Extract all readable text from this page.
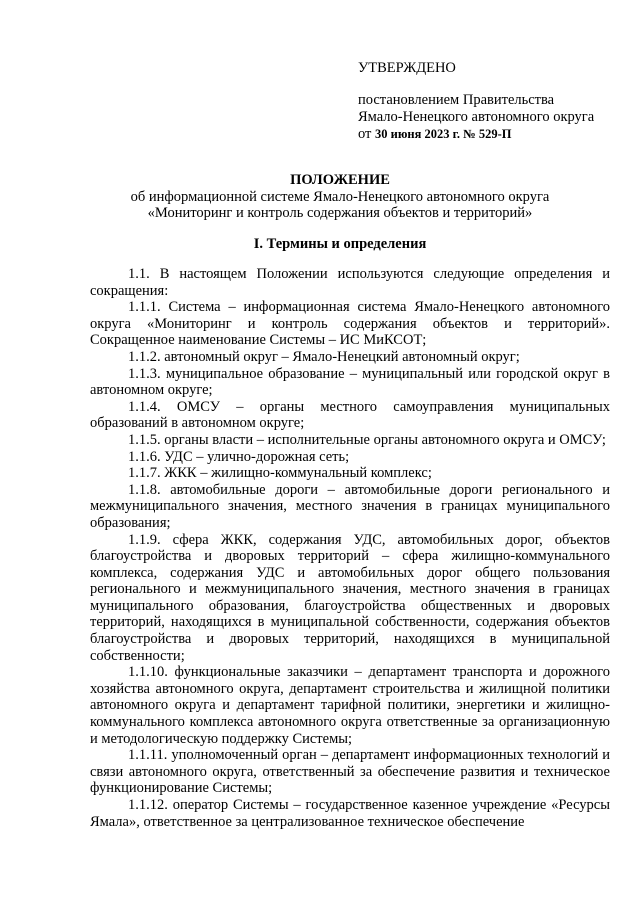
УТВЕРЖДЕНО
постановлением Правительства
Ямало-Ненецкого автономного округа
от 30 июня 2023 г. № 529-П
ПОЛОЖЕНИЕ
об информационной системе Ямало-Ненецкого автономного округа
«Мониторинг и контроль содержания объектов и территорий»
I. Термины и определения

1.1. В настоящем Положении используются следующие определения и сокращения:

1.1.1. Система – информационная система Ямало-Ненецкого автономного округа «Мониторинг и контроль содержания объектов и территорий». Сокращенное наименование Системы – ИС МиКСОТ;

1.1.2. автономный округ – Ямало-Ненецкий автономный округ;

1.1.3. муниципальное образование – муниципальный или городской округ в автономном округе;

1.1.4. ОМСУ – органы местного самоуправления муниципальных образований в автономном округе;

1.1.5. органы власти – исполнительные органы автономного округа и ОМСУ;

1.1.6. УДС – улично-дорожная сеть;

1.1.7. ЖКК – жилищно-коммунальный комплекс;

1.1.8. автомобильные дороги – автомобильные дороги регионального и межмуниципального значения, местного значения в границах муниципального образования;

1.1.9. сфера ЖКК, содержания УДС, автомобильных дорог, объектов благоустройства и дворовых территорий – сфера жилищно-коммунального комплекса, содержания УДС и автомобильных дорог общего пользования регионального и межмуниципального значения, местного значения в границах муниципального образования, благоустройства общественных и дворовых территорий, находящихся в муниципальной собственности, содержания объектов благоустройства и дворовых территорий, находящихся в муниципальной собственности;

1.1.10. функциональные заказчики – департамент транспорта и дорожного хозяйства автономного округа, департамент строительства и жилищной политики автономного округа и департамент тарифной политики, энергетики и жилищно-коммунального комплекса автономного округа ответственные за организационную и методологическую поддержку Системы;

1.1.11. уполномоченный орган – департамент информационных технологий и связи автономного округа, ответственный за обеспечение развития и техническое функционирование Системы;

1.1.12. оператор Системы – государственное казенное учреждение «Ресурсы Ямала», ответственное за централизованное техническое обеспечение
